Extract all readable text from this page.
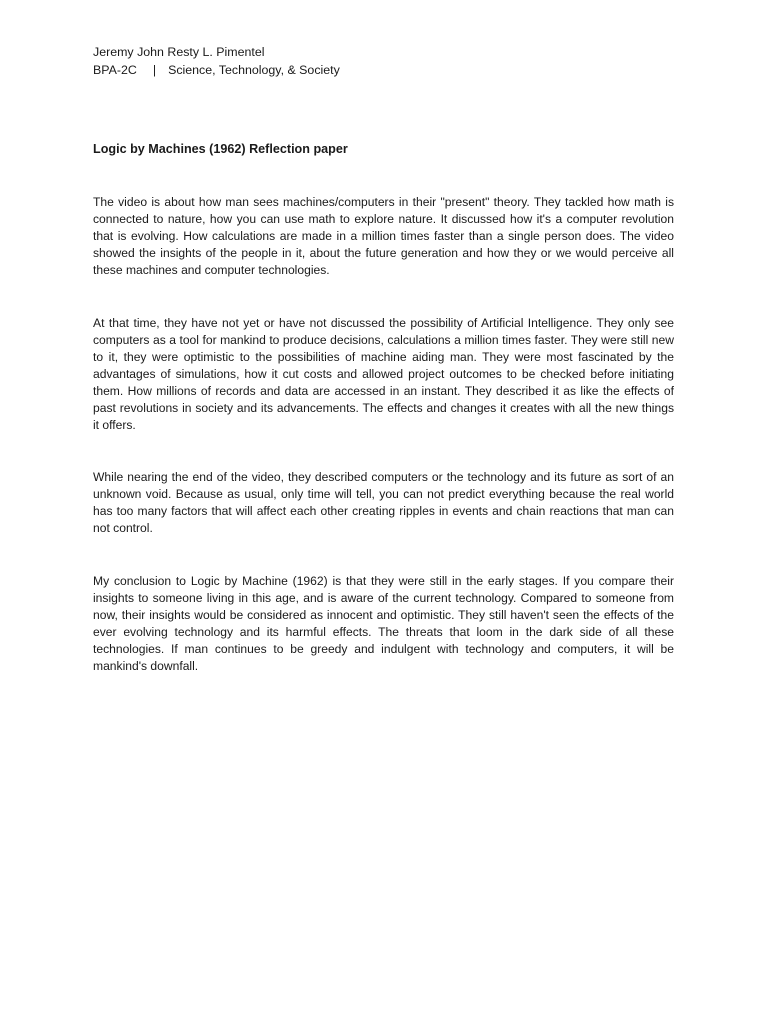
Jeremy John Resty L. Pimentel
BPA-2C | Science, Technology, & Society
Logic by Machines (1962) Reflection paper

The video is about how man sees machines/computers in their "present" theory. They tackled how math is connected to nature, how you can use math to explore nature. It discussed how it's a computer revolution that is evolving. How calculations are made in a million times faster than a single person does. The video showed the insights of the people in it, about the future generation and how they or we would perceive all these machines and computer technologies.

At that time, they have not yet or have not discussed the possibility of Artificial Intelligence. They only see computers as a tool for mankind to produce decisions, calculations a million times faster. They were still new to it, they were optimistic to the possibilities of machine aiding man. They were most fascinated by the advantages of simulations, how it cut costs and allowed project outcomes to be checked before initiating them. How millions of records and data are accessed in an instant. They described it as like the effects of past revolutions in society and its advancements. The effects and changes it creates with all the new things it offers.

While nearing the end of the video, they described computers or the technology and its future as sort of an unknown void. Because as usual, only time will tell, you can not predict everything because the real world has too many factors that will affect each other creating ripples in events and chain reactions that man can not control.

My conclusion to Logic by Machine (1962) is that they were still in the early stages. If you compare their insights to someone living in this age, and is aware of the current technology. Compared to someone from now, their insights would be considered as innocent and optimistic. They still haven't seen the effects of the ever evolving technology and its harmful effects. The threats that loom in the dark side of all these technologies. If man continues to be greedy and indulgent with technology and computers, it will be mankind's downfall.
